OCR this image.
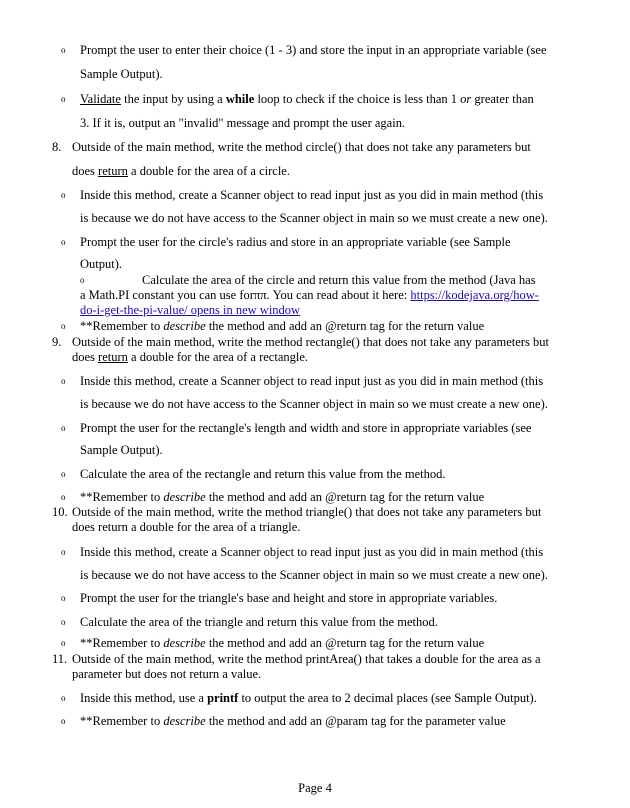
o Prompt the user to enter their choice (1 - 3) and store the input in an appropriate variable (see
Sample Output).
o Validate the input by using a while loop to check if the choice is less than 1 or greater than
3. If it is, output an "invalid" message and prompt the user again.
8. Outside of the main method, write the method circle() that does not take any parameters but
does return a double for the area of a circle.
o Inside this method, create a Scanner object to read input just as you did in main method (this
is because we do not have access to the Scanner object in main so we must create a new one).
o Prompt the user for the circle's radius and store in an appropriate variable (see Sample
Output).
o	Calculate the area of the circle and return this value from the method (Java has
a Math.PI constant you can use forππ. You can read about it here: https://kodejava.org/how-
do-i-get-the-pi-value/ opens in new window
o **Remember to describe the method and add an @return tag for the return value
9. Outside of the main method, write the method rectangle() that does not take any parameters but
does return a double for the area of a rectangle.
o Inside this method, create a Scanner object to read input just as you did in main method (this
is because we do not have access to the Scanner object in main so we must create a new one).
o Prompt the user for the rectangle's length and width and store in appropriate variables (see
Sample Output).
o Calculate the area of the rectangle and return this value from the method.
o **Remember to describe the method and add an @return tag for the return value
10. Outside of the main method, write the method triangle() that does not take any parameters but
does return a double for the area of a triangle.
o Inside this method, create a Scanner object to read input just as you did in main method (this
is because we do not have access to the Scanner object in main so we must create a new one).
o Prompt the user for the triangle's base and height and store in appropriate variables.
o Calculate the area of the triangle and return this value from the method.
o **Remember to describe the method and add an @return tag for the return value
11. Outside of the main method, write the method printArea() that takes a double for the area as a
parameter but does not return a value.
o Inside this method, use a printf to output the area to 2 decimal places (see Sample Output).
o **Remember to describe the method and add an @param tag for the parameter value
Page 4
